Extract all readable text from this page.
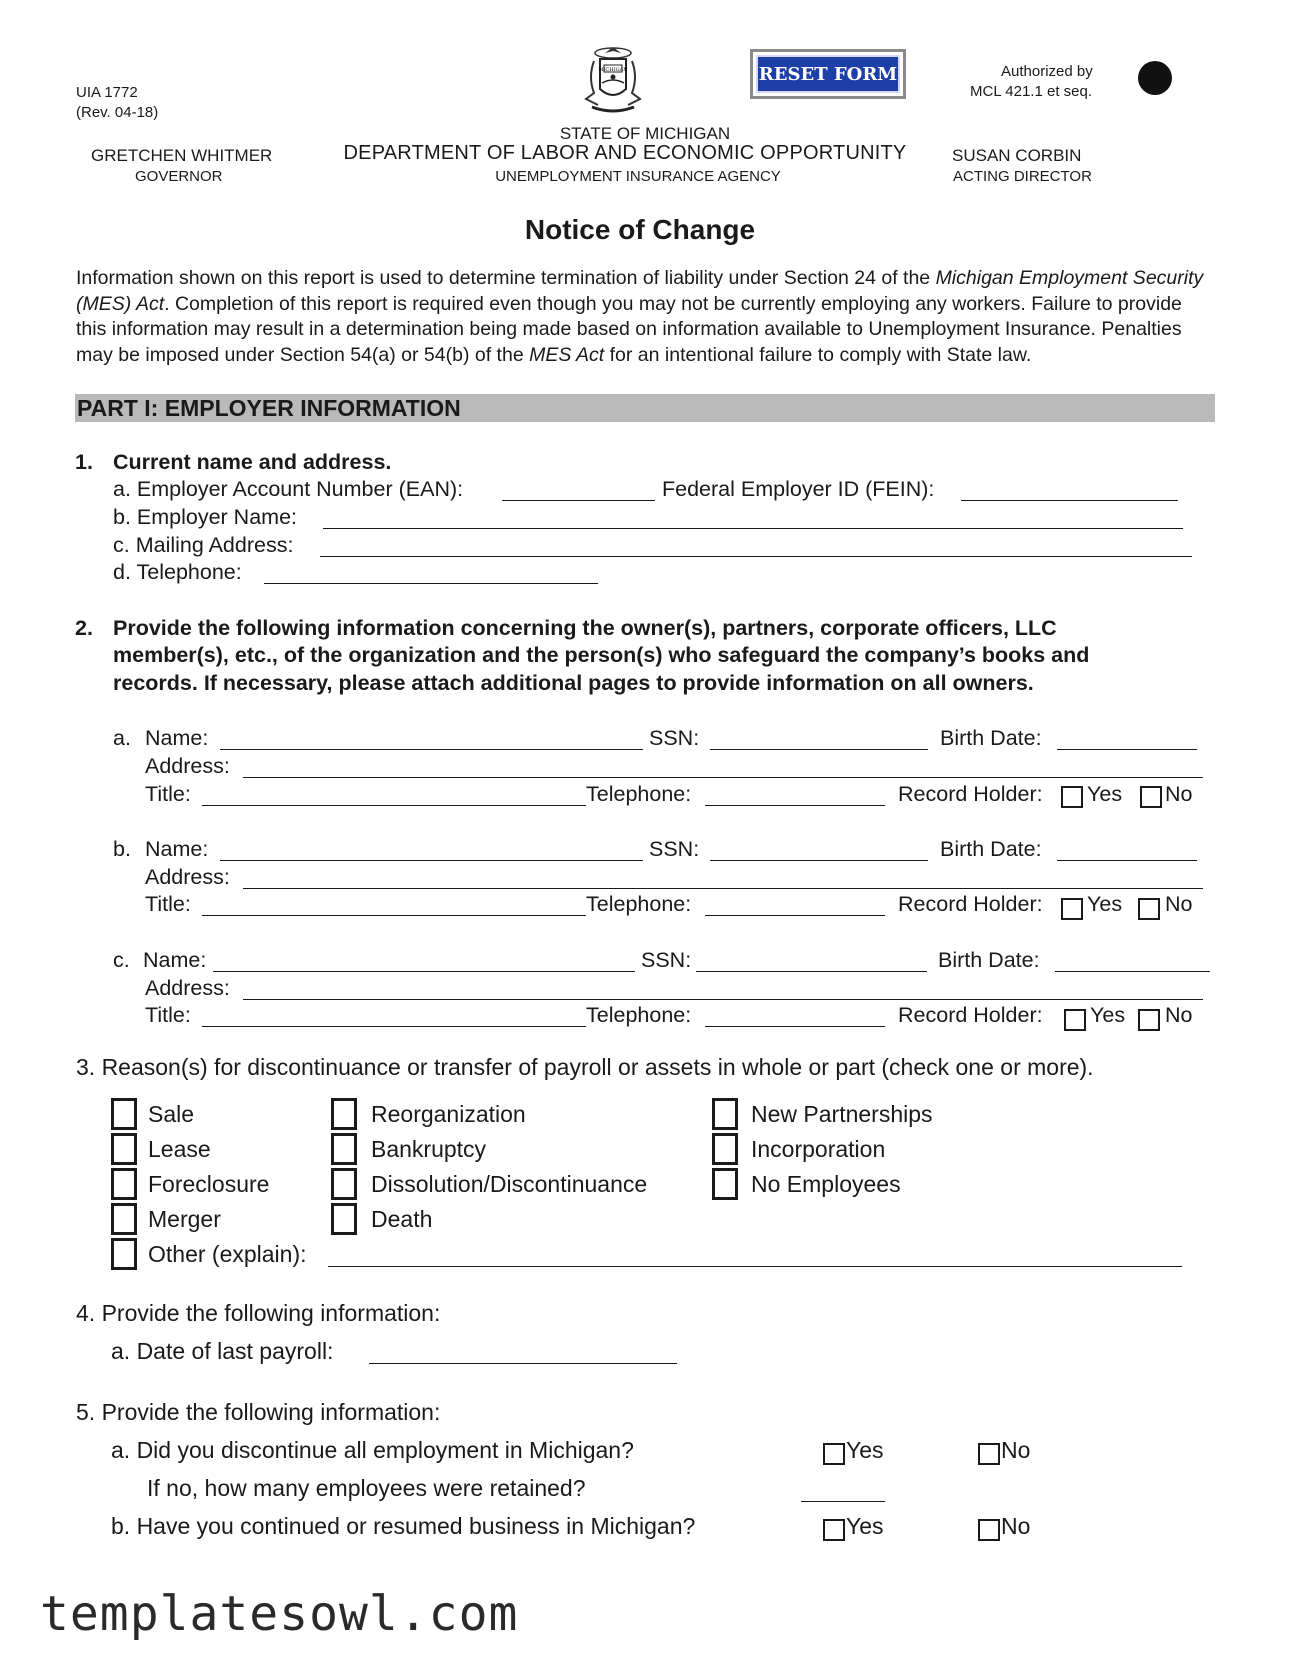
UIA 1772
(Rev. 04-18)
MICHIGAN	RESET FORM	Authorized by
MCL 421.1 et seq.
GRETCHEN WHITMER
GOVERNOR
STATE OF MICHIGAN
DEPARTMENT OF LABOR AND ECONOMIC OPPORTUNITY
UNEMPLOYMENT INSURANCE AGENCY
SUSAN CORBIN
ACTING DIRECTOR
Notice of Change
Information shown on this report is used to determine termination of liability under Section 24 of the Michigan Employment Security (MES) Act. Completion of this report is required even though you may not be currently employing any workers. Failure to provide this information may result in a determination being made based on information available to Unemployment Insurance. Penalties may be imposed under Section 54(a) or 54(b) of the MES Act for an intentional failure to comply with State law.
PART I: EMPLOYER INFORMATION
1. Current name and address.
a. Employer Account Number (EAN):	Federal Employer ID (FEIN):
b. Employer Name:
c. Mailing Address:
d. Telephone:
2. Provide the following information concerning the owner(s), partners, corporate officers, LLC
member(s), etc., of the organization and the person(s) who safeguard the company’s books and
records. If necessary, please attach additional pages to provide information on all owners.
a. Name:	SSN:	Birth Date:
Address:
Title:	Telephone:	Record Holder: Yes No
b. Name:	SSN:	Birth Date:
Address:
Title:	Telephone:	Record Holder: Yes No
c. Name:	SSN:	Birth Date:
Address:
Title:	Telephone:	Record Holder: Yes No
3. Reason(s) for discontinuance or transfer of payroll or assets in whole or part (check one or more).
Sale
Lease
Foreclosure
Merger
Other (explain):
Reorganization
Bankruptcy
Dissolution/Discontinuance
Death
New Partnerships
Incorporation
No Employees
4. Provide the following information:
a. Date of last payroll:
5. Provide the following information:
a. Did you discontinue all employment in Michigan?	Yes	No
If no, how many employees were retained?
b. Have you continued or resumed business in Michigan?	Yes	No
templatesowl.com
